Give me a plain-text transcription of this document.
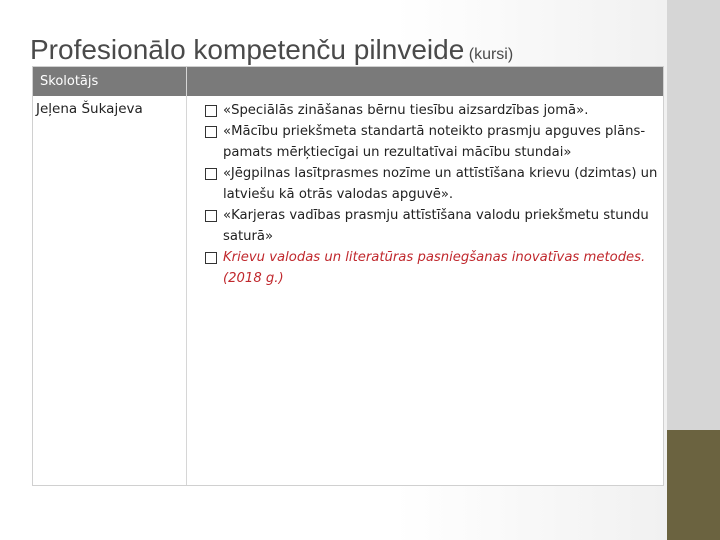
Profesionālo kompetenču pilnveide (kursi)
Skolotājs
Jeļena Šukajeva	«Speciālās zināšanas bērnu tiesību aizsardzības jomā».
«Mācību priekšmeta standartā noteikto prasmju apguves plāns-pamats mērķtiecīgai un rezultatīvai mācību stundai»
«Jēgpilnas lasītprasmes nozīme un attīstīšana krievu (dzimtas) un latviešu kā otrās valodas apguvē».
«Karjeras vadības prasmju attīstīšana valodu priekšmetu stundu saturā»
Krievu valodas un literatūras pasniegšanas inovatīvas metodes. (2018 g.)
